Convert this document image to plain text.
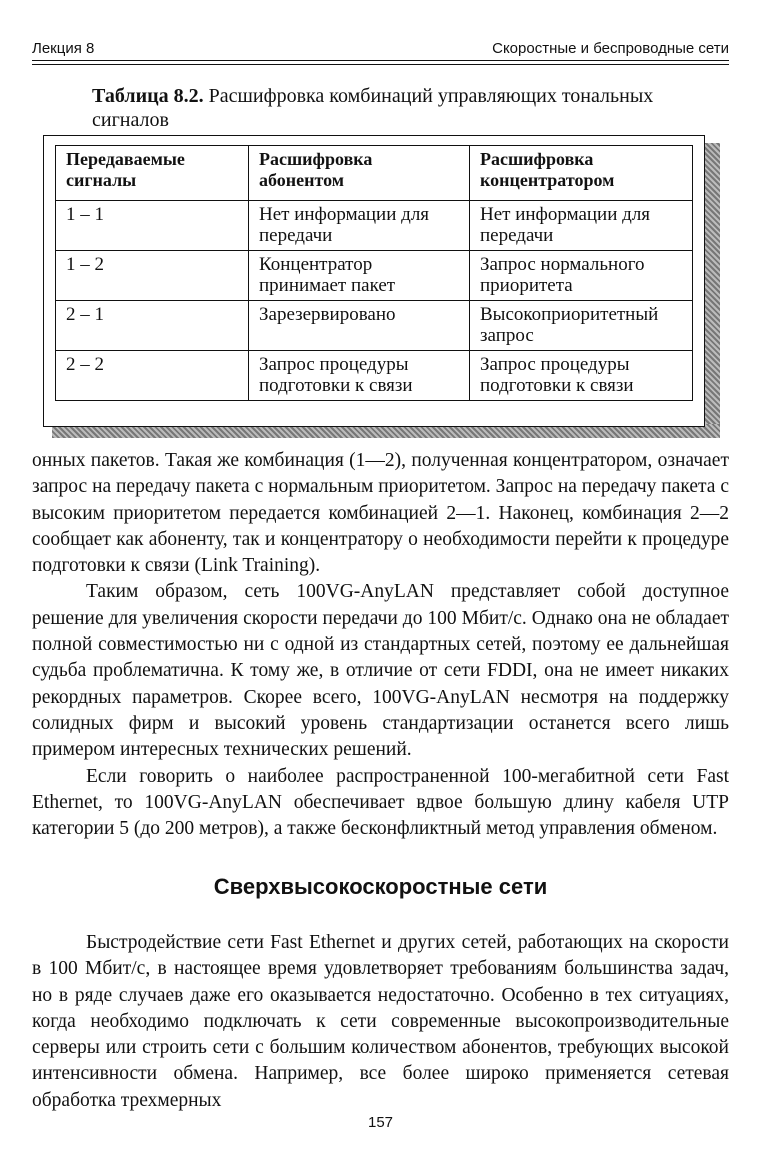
Лекция 8	Скоростные и беспроводные сети
Таблица 8.2. Расшифровка комбинаций управляющих тональных сигналов
Передаваемые сигналы	Расшифровка абонентом	Расшифровка концентратором
1 – 1	Нет информации для передачи	Нет информации для передачи
1 – 2	Концентратор принимает пакет	Запрос нормального приоритета
2 – 1	Зарезервировано	Высокоприоритетный запрос
2 – 2	Запрос процедуры подготовки к связи	Запрос процедуры подготовки к связи

онных пакетов. Такая же комбинация (1—2), полученная концентратором, означает запрос на передачу пакета с нормальным приоритетом. Запрос на передачу пакета с высоким приоритетом передается комбинацией 2—1. Наконец, комбинация 2—2 сообщает как абоненту, так и концентратору о необходимости перейти к процедуре подготовки к связи (Link Training).

Таким образом, сеть 100VG-AnyLAN представляет собой доступное решение для увеличения скорости передачи до 100 Мбит/с. Однако она не обладает полной совместимостью ни с одной из стандартных сетей, поэтому ее дальнейшая судьба проблематична. К тому же, в отличие от сети FDDI, она не имеет никаких рекордных параметров. Скорее всего, 100VG-AnyLAN несмотря на поддержку солидных фирм и высокий уровень стандартизации останется всего лишь примером интересных технических решений.

Если говорить о наиболее распространенной 100-мегабитной сети Fast Ethernet, то 100VG-AnyLAN обеспечивает вдвое большую длину кабеля UTP категории 5 (до 200 метров), а также бесконфликтный метод управления обменом.

Сверхвысокоскоростные сети

Быстродействие сети Fast Ethernet и других сетей, работающих на скорости в 100 Мбит/с, в настоящее время удовлетворяет требованиям большинства задач, но в ряде случаев даже его оказывается недостаточно. Особенно в тех ситуациях, когда необходимо подключать к сети современные высокопроизводительные серверы или строить сети с большим количеством абонентов, требующих высокой интенсивности обмена. Например, все более широко применяется сетевая обработка трехмерных

157
